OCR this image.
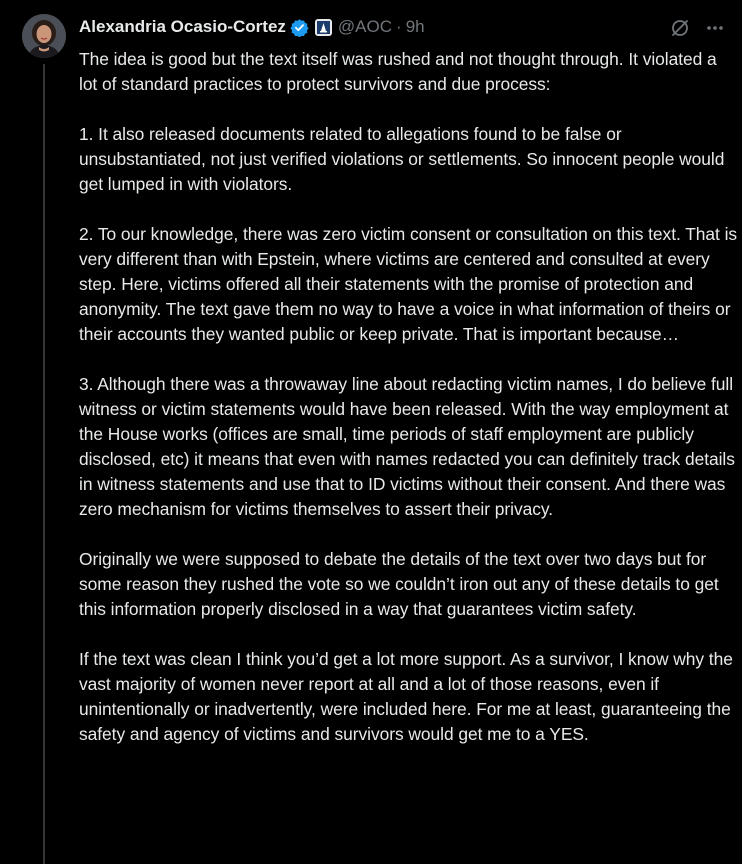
Alexandria Ocasio-Cortez	@AOC · 9h

The idea is good but the text itself was rushed and not thought through. It violated a lot of standard practices to protect survivors and due process:

1. It also released documents related to allegations found to be false or unsubstantiated, not just verified violations or settlements. So innocent people would get lumped in with violators.

2. To our knowledge, there was zero victim consent or consultation on this text. That is very different than with Epstein, where victims are centered and consulted at every step. Here, victims offered all their statements with the promise of protection and anonymity. The text gave them no way to have a voice in what information of theirs or their accounts they wanted public or keep private. That is important because…

3. Although there was a throwaway line about redacting victim names, I do believe full witness or victim statements would have been released. With the way employment at the House works (offices are small, time periods of staff employment are publicly disclosed, etc) it means that even with names redacted you can definitely track details in witness statements and use that to ID victims without their consent. And there was zero mechanism for victims themselves to assert their privacy.

Originally we were supposed to debate the details of the text over two days but for some reason they rushed the vote so we couldn’t iron out any of these details to get this information properly disclosed in a way that guarantees victim safety.

If the text was clean I think you’d get a lot more support. As a survivor, I know why the vast majority of women never report at all and a lot of those reasons, even if unintentionally or inadvertently, were included here. For me at least, guaranteeing the safety and agency of victims and survivors would get me to a YES.
